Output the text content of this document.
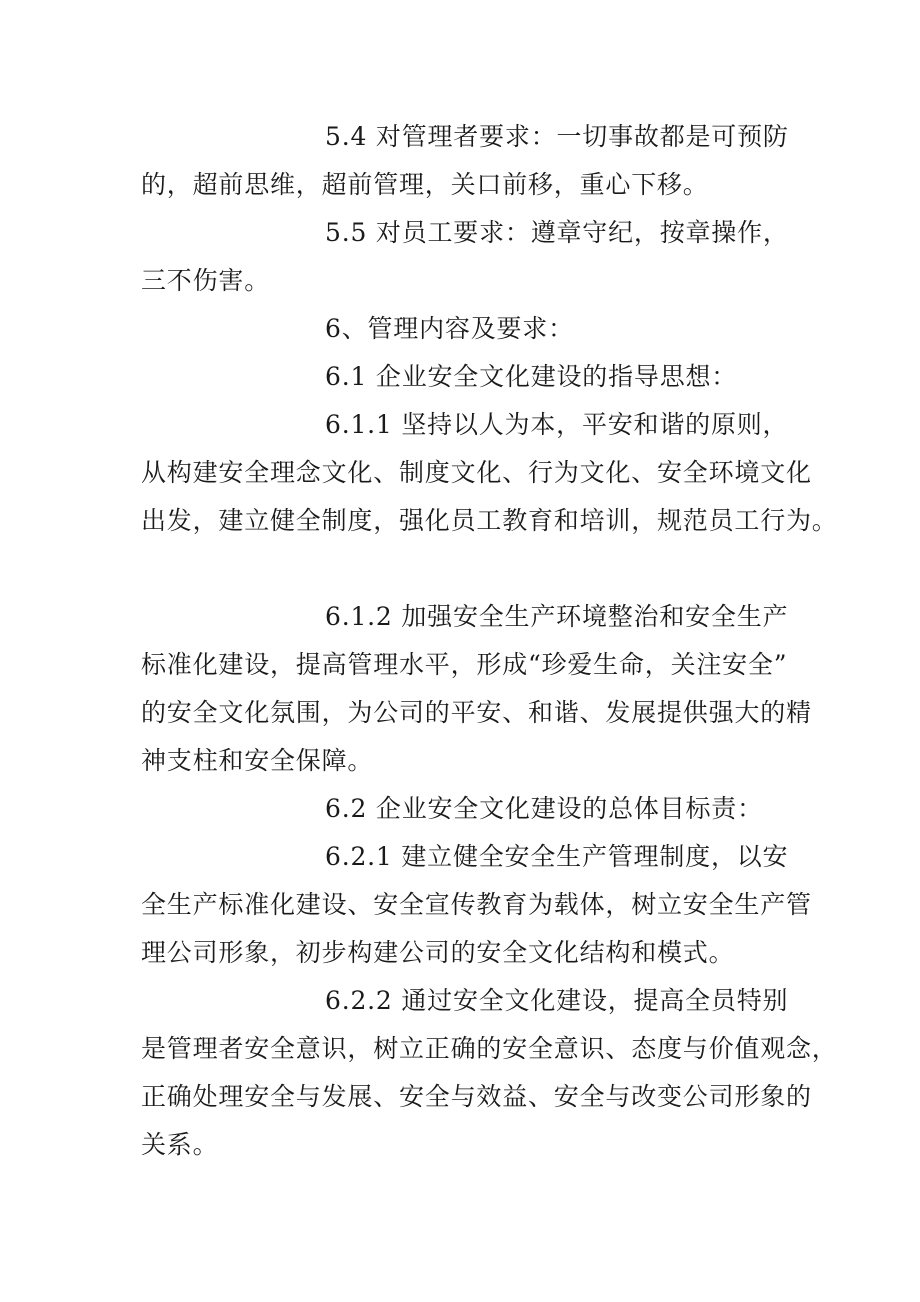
5.4 对管理者要求：一切事故都是可预防
的，超前思维，超前管理，关口前移，重心下移。
5.5 对员工要求：遵章守纪，按章操作，
三不伤害。
6、管理内容及要求：
6.1 企业安全文化建设的指导思想：
6.1.1 坚持以人为本，平安和谐的原则，
从构建安全理念文化、制度文化、行为文化、安全环境文化
出发，建立健全制度，强化员工教育和培训，规范员工行为。
6.1.2 加强安全生产环境整治和安全生产
标准化建设，提高管理水平，形成“珍爱生命，关注安全”
的安全文化氛围，为公司的平安、和谐、发展提供强大的精
神支柱和安全保障。
6.2 企业安全文化建设的总体目标责：
6.2.1 建立健全安全生产管理制度，以安
全生产标准化建设、安全宣传教育为载体，树立安全生产管
理公司形象，初步构建公司的安全文化结构和模式。
6.2.2 通过安全文化建设，提高全员特别
是管理者安全意识，树立正确的安全意识、态度与价值观念，
正确处理安全与发展、安全与效益、安全与改变公司形象的
关系。
